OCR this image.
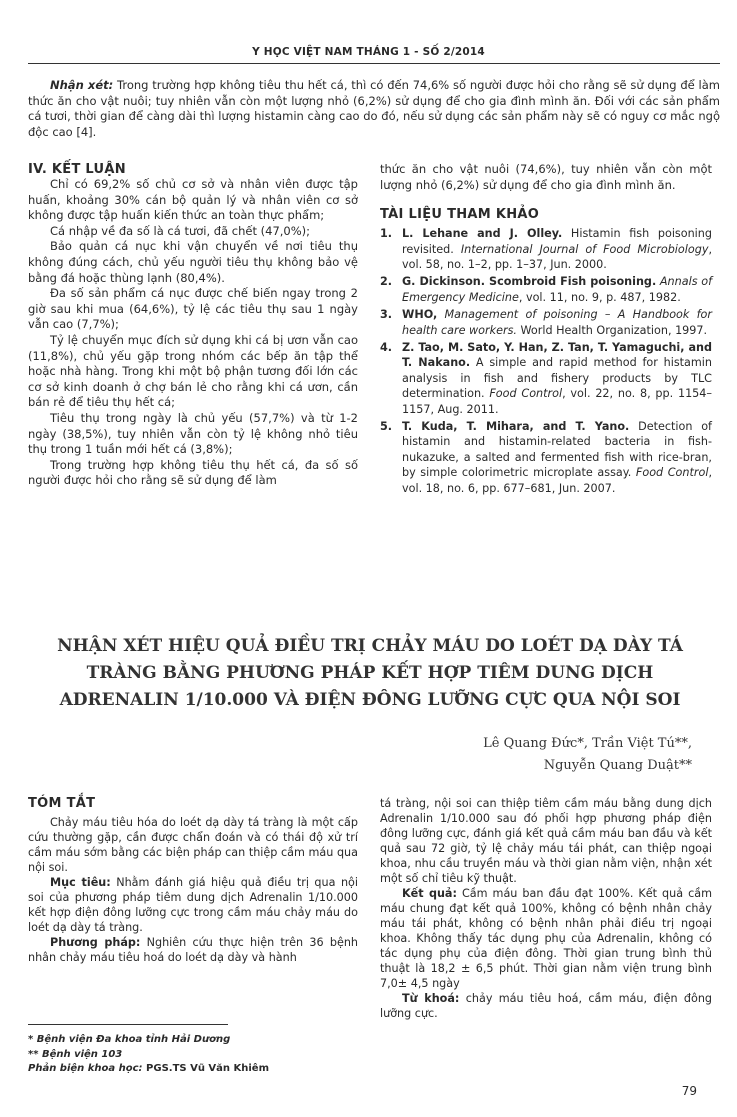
Y HỌC VIỆT NAM THÁNG 1 - SỐ 2/2014

Nhận xét: Trong trường hợp không tiêu thu hết cá, thì có đến 74,6% số người được hỏi cho rằng sẽ sử dụng để làm thức ăn cho vật nuôi; tuy nhiên vẫn còn một lượng nhỏ (6,2%) sử dụng để cho gia đình mình ăn. Đối với các sản phẩm cá tươi, thời gian để càng dài thì lượng histamin càng cao do đó, nếu sử dụng các sản phẩm này sẽ có nguy cơ mắc ngộ độc cao [4].

IV. KẾT LUẬN

Chỉ có 69,2% số chủ cơ sở và nhân viên được tập huấn, khoảng 30% cán bộ quản lý và nhân viên cơ sở không được tập huấn kiến thức an toàn thực phẩm;

Cá nhập về đa số là cá tươi, đã chết (47,0%);

Bảo quản cá nục khi vận chuyển về nơi tiêu thụ không đúng cách, chủ yếu người tiêu thụ không bảo vệ bằng đá hoặc thùng lạnh (80,4%).

Đa số sản phẩm cá nục được chế biến ngay trong 2 giờ sau khi mua (64,6%), tỷ lệ các tiêu thụ sau 1 ngày vẫn cao (7,7%);

Tỷ lệ chuyển mục đích sử dụng khi cá bị ươn vẫn cao (11,8%), chủ yếu gặp trong nhóm các bếp ăn tập thể hoặc nhà hàng. Trong khi một bộ phận tương đối lớn các cơ sở kinh doanh ở chợ bán lẻ cho rằng khi cá ươn, cần bán rẻ để tiêu thụ hết cá;

Tiêu thụ trong ngày là chủ yếu (57,7%) và từ 1-2 ngày (38,5%), tuy nhiên vẫn còn tỷ lệ không nhỏ tiêu thụ trong 1 tuần mới hết cá (3,8%);

Trong trường hợp không tiêu thụ hết cá, đa số số người được hỏi cho rằng sẽ sử dụng để làm

thức ăn cho vật nuôi (74,6%), tuy nhiên vẫn còn một lượng nhỏ (6,2%) sử dụng để cho gia đình mình ăn.

TÀI LIỆU THAM KHẢO
1. L. Lehane and J. Olley. Histamin fish poisoning revisited. International Journal of Food Microbiology, vol. 58, no. 1–2, pp. 1–37, Jun. 2000.
2. G. Dickinson. Scombroid Fish poisoning. Annals of Emergency Medicine, vol. 11, no. 9, p. 487, 1982.
3. WHO, Management of poisoning – A Handbook for health care workers. World Health Organization, 1997.
4. Z. Tao, M. Sato, Y. Han, Z. Tan, T. Yamaguchi, and T. Nakano. A simple and rapid method for histamin analysis in fish and fishery products by TLC determination. Food Control, vol. 22, no. 8, pp. 1154–1157, Aug. 2011.
5. T. Kuda, T. Mihara, and T. Yano. Detection of histamin and histamin-related bacteria in fish-nukazuke, a salted and fermented fish with rice-bran, by simple colorimetric microplate assay. Food Control, vol. 18, no. 6, pp. 677–681, Jun. 2007.
NHẬN XÉT HIỆU QUẢ ĐIỀU TRỊ CHẢY MÁU DO LOÉT DẠ DÀY TÁ TRÀNG BẰNG PHƯƠNG PHÁP KẾT HỢP TIÊM DUNG DỊCH ADRENALIN 1/10.000 VÀ ĐIỆN ĐÔNG LƯỠNG CỰC QUA NỘI SOI
Lê Quang Đức*, Trần Việt Tú**,
Nguyễn Quang Duật**
TÓM TẮT

Chảy máu tiêu hóa do loét dạ dày tá tràng là một cấp cứu thường gặp, cần được chẩn đoán và có thái độ xử trí cầm máu sớm bằng các biện pháp can thiệp cầm máu qua nội soi.

Mục tiêu: Nhằm đánh giá hiệu quả điều trị qua nội soi của phương pháp tiêm dung dịch Adrenalin 1/10.000 kết hợp điện đông lưỡng cực trong cầm máu chảy máu do loét dạ dày tá tràng.

Phương pháp: Nghiên cứu thực hiện trên 36 bệnh nhân chảy máu tiêu hoá do loét dạ dày và hành

tá tràng, nội soi can thiệp tiêm cầm máu bằng dung dịch Adrenalin 1/10.000 sau đó phối hợp phương pháp điện đông lưỡng cực, đánh giá kết quả cầm máu ban đầu và kết quả sau 72 giờ, tỷ lệ chảy máu tái phát, can thiệp ngoại khoa, nhu cầu truyền máu và thời gian nằm viện, nhận xét một số chỉ tiêu kỹ thuật.

Kết quả: Cầm máu ban đầu đạt 100%. Kết quả cầm máu chung đạt kết quả 100%, không có bệnh nhân chảy máu tái phát, không có bệnh nhân phải điều trị ngoại khoa. Không thấy tác dụng phụ của Adrenalin, không có tác dụng phụ của điện đông. Thời gian trung bình thủ thuật là 18,2 ± 6,5 phút. Thời gian nằm viện trung bình 7,0± 4,5 ngày

Từ khoá: chảy máu tiêu hoá, cầm máu, điện đông lưỡng cực.

* Bệnh viện Đa khoa tỉnh Hải Dương
** Bệnh viện 103
Phản biện khoa học: PGS.TS Vũ Văn Khiêm
79
